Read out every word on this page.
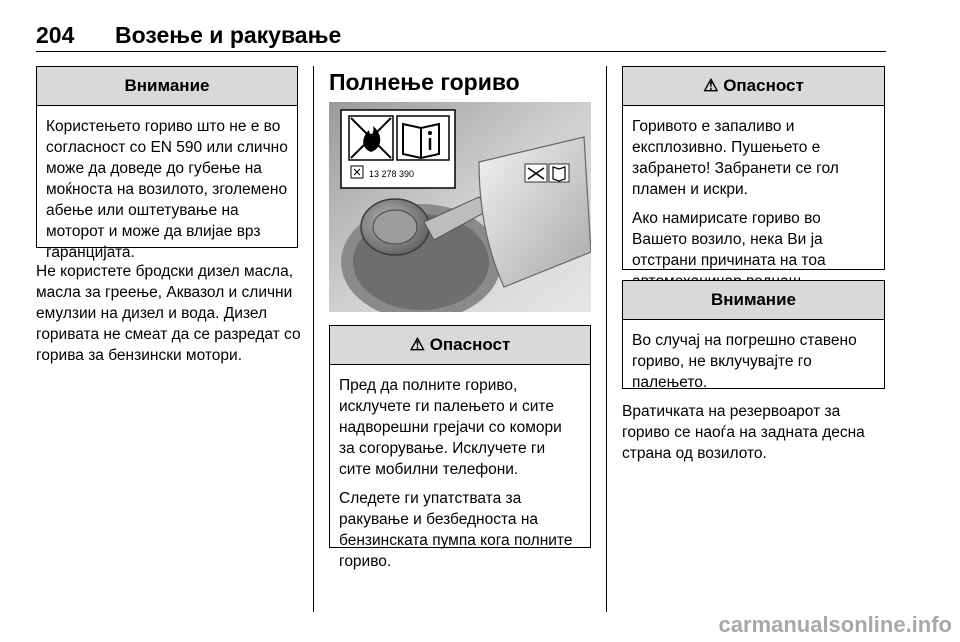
204 Возење и ракување
Внимание
Користењето гориво што не е во согласност со EN 590 или слично може да доведе до губење на моќноста на возилото, зголемено абење или оштетување на моторот и може да влијае врз гаранцијата.
Не користете бродски дизел масла, масла за греење, Аквазол и слични емулзии на дизел и вода. Дизел горивата не смеат да се разредат со горива за бензински мотори.
Полнење гориво
13 278 390
⚠ Опасност

Пред да полните гориво, исклучете ги палењето и сите надворешни грејачи со комори за согорување. Исклучете ги сите мобилни телефони.

Следете ги упатствата за ракување и безбедноста на бензинската пумпа кога полните гориво.

⚠ Опасност

Горивото е запаливо и експлозивно. Пушењето е забрането! Забранети се гол пламен и искри.

Ако намирисате гориво во Вашето возило, нека Ви ја отстрани причината на тоа

Внимание
Во случај на погрешно ставено гориво, не вклучувајте го палењето.
Вратичката на резервоарот за гориво се наоѓа на задната десна страна од возилото.
carmanualsonline.info
